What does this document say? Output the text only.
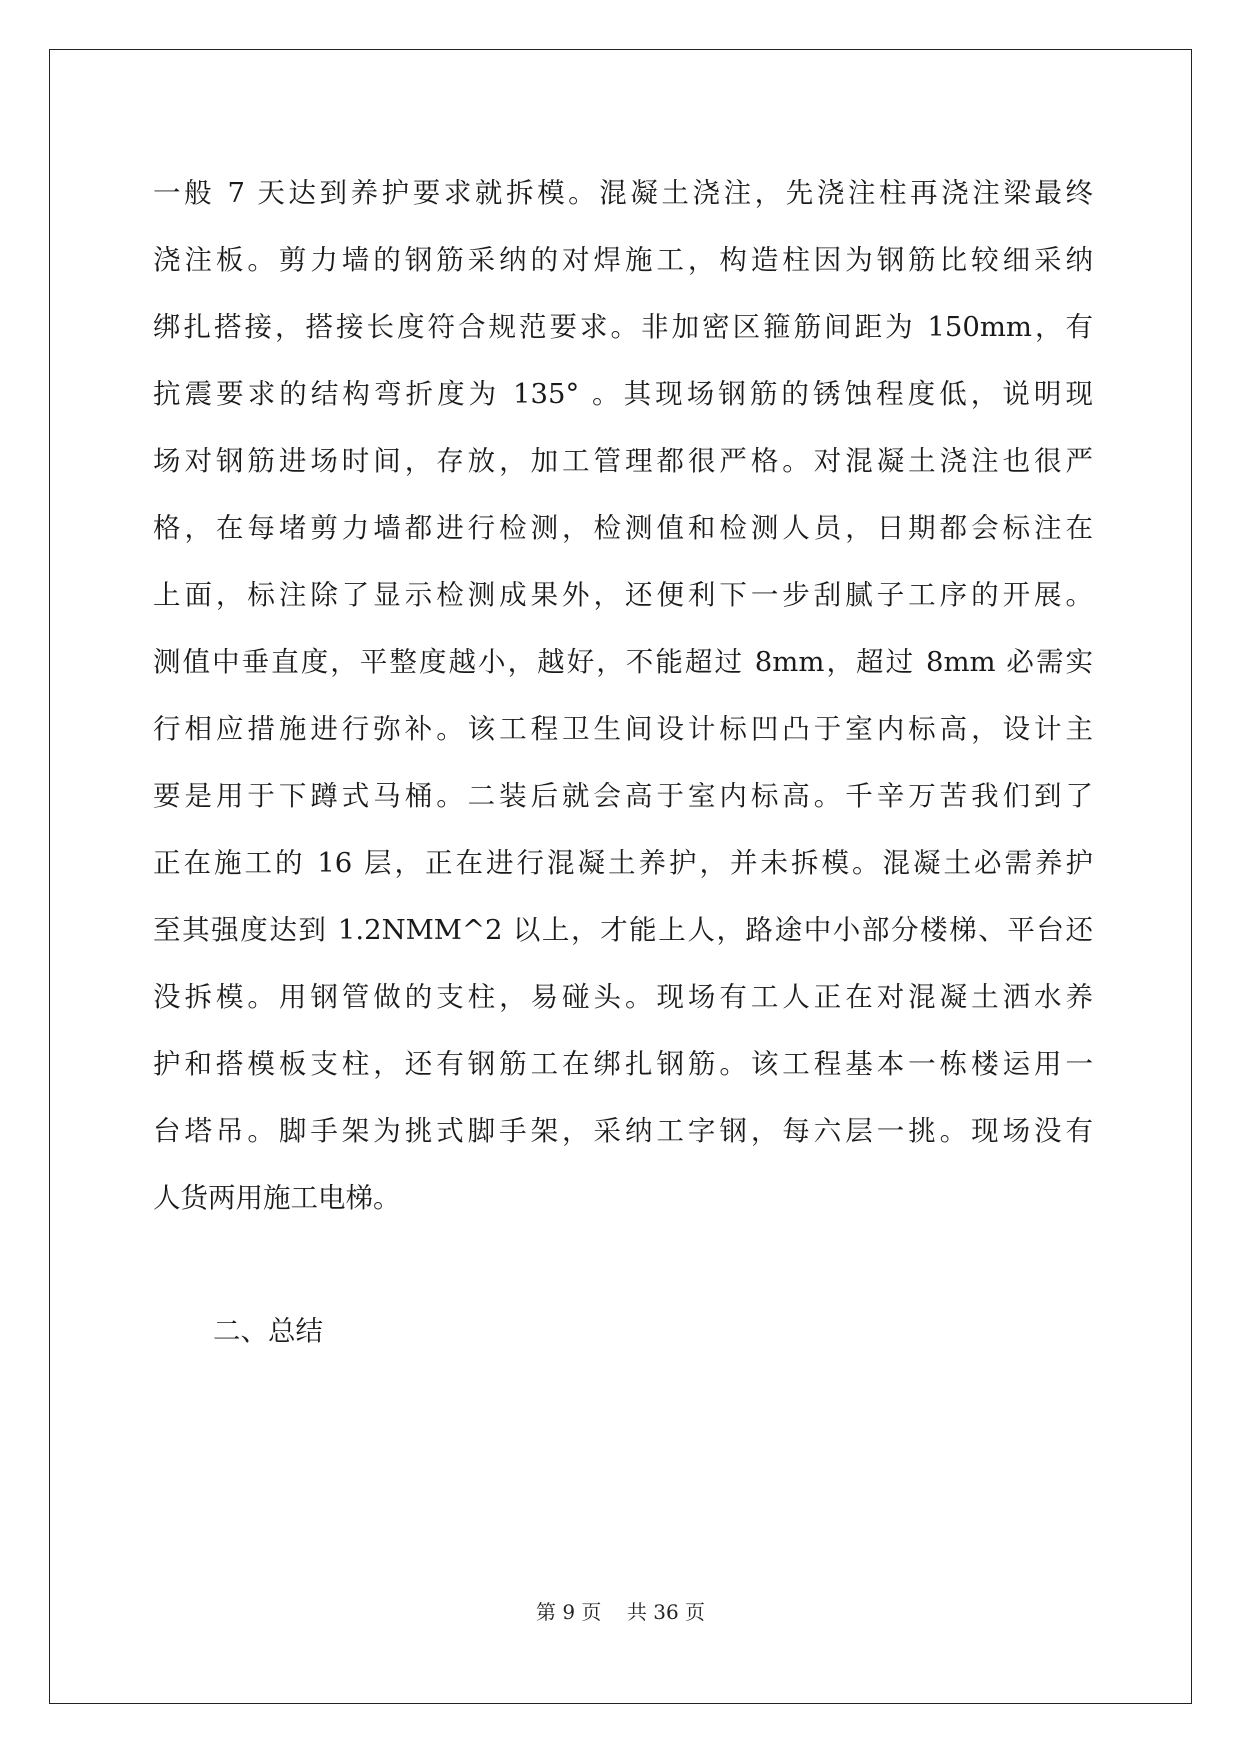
一般 7 天达到养护要求就拆模。混凝土浇注，先浇注柱再浇注梁最终
浇注板。剪力墙的钢筋采纳的对焊施工，构造柱因为钢筋比较细采纳
绑扎搭接，搭接长度符合规范要求。非加密区箍筋间距为 150mm，有
抗震要求的结构弯折度为 135° 。其现场钢筋的锈蚀程度低，说明现
场对钢筋进场时间，存放，加工管理都很严格。对混凝土浇注也很严
格，在每堵剪力墙都进行检测，检测值和检测人员，日期都会标注在
上面，标注除了显示检测成果外，还便利下一步刮腻子工序的开展。
测值中垂直度，平整度越小，越好，不能超过 8mm，超过 8mm 必需实
行相应措施进行弥补。该工程卫生间设计标凹凸于室内标高，设计主
要是用于下蹲式马桶。二装后就会高于室内标高。千辛万苦我们到了
正在施工的 16 层，正在进行混凝土养护，并未拆模。混凝土必需养护
至其强度达到 1.2NMM^2 以上，才能上人，路途中小部分楼梯、平台还
没拆模。用钢管做的支柱，易碰头。现场有工人正在对混凝土洒水养
护和搭模板支柱，还有钢筋工在绑扎钢筋。该工程基本一栋楼运用一
台塔吊。脚手架为挑式脚手架，采纳工字钢，每六层一挑。现场没有
人货两用施工电梯。
二、总结
第 9 页 共 36 页
